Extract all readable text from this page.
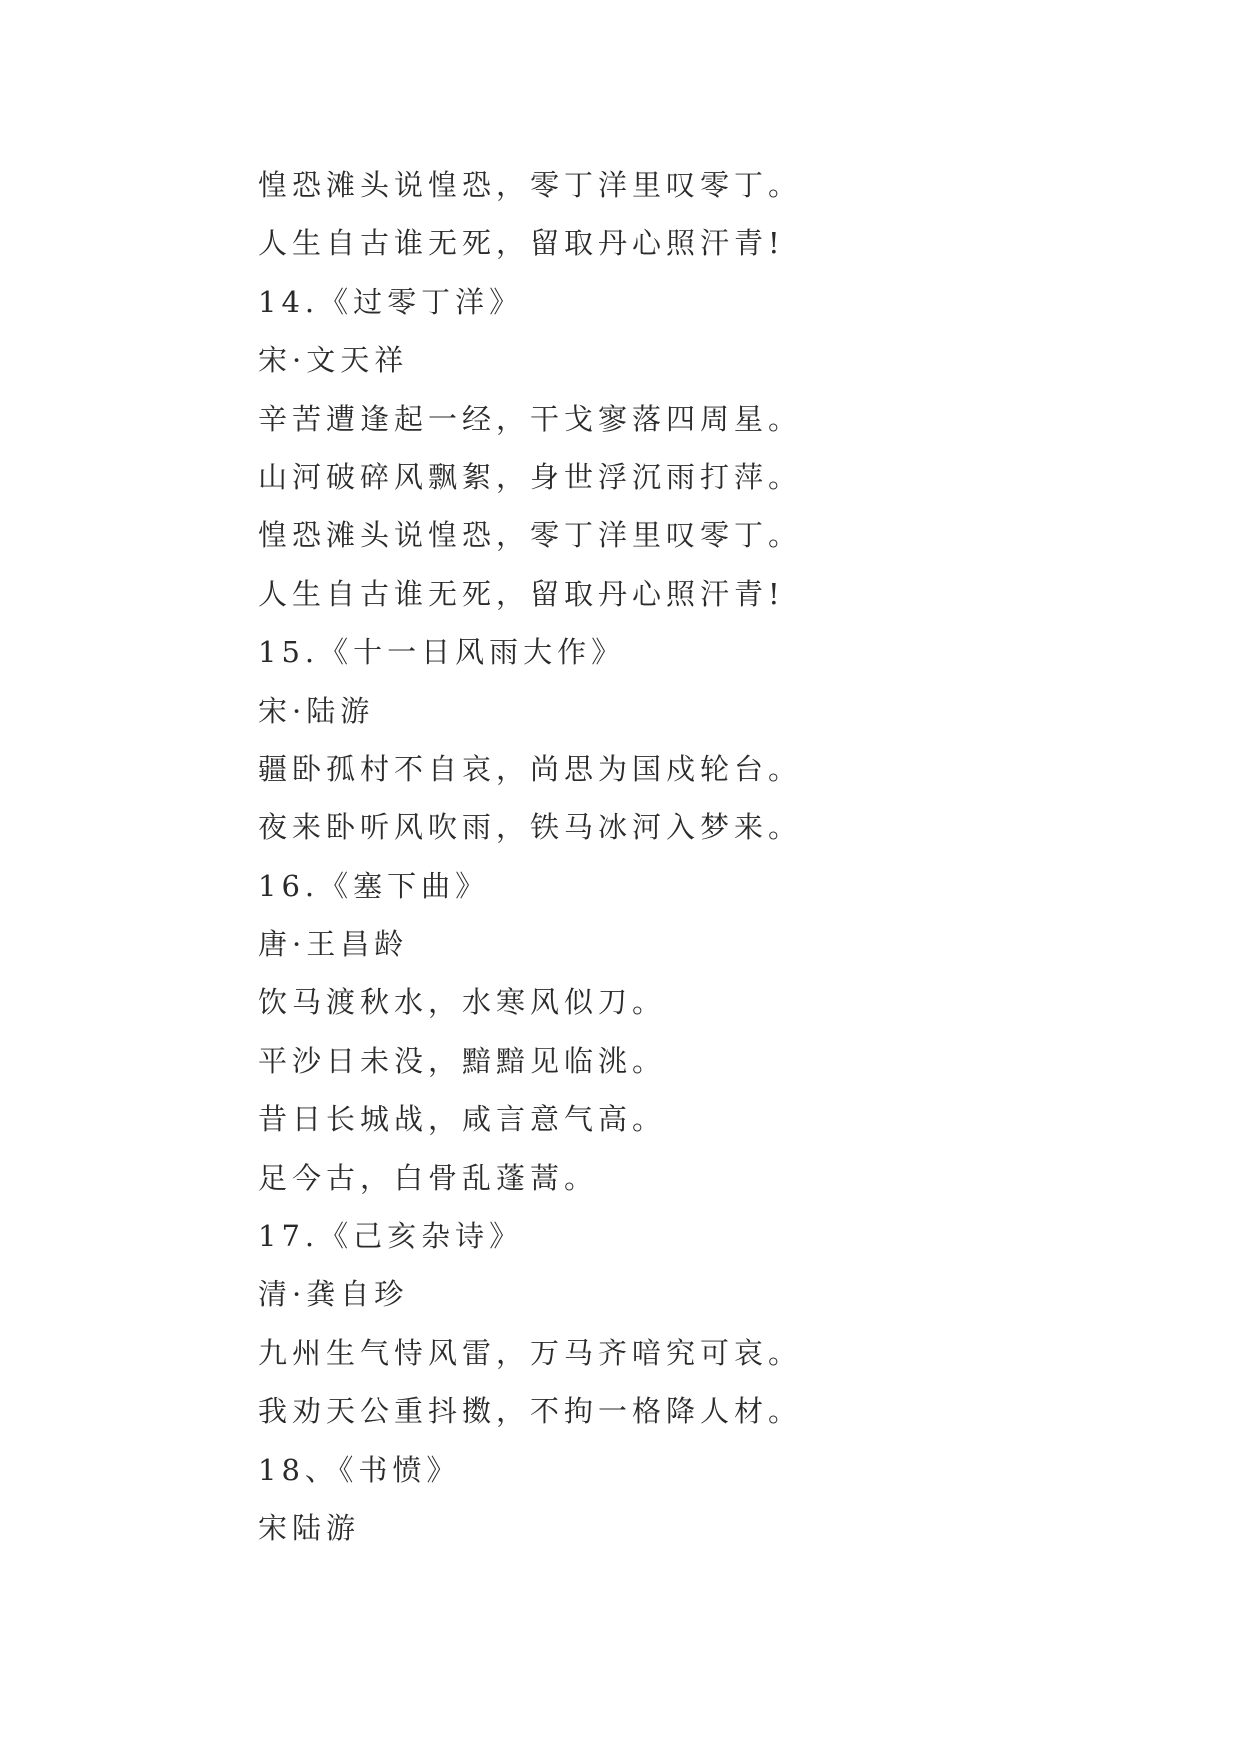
惶恐滩头说惶恐，零丁洋里叹零丁。
人生自古谁无死，留取丹心照汗青!
14.《过零丁洋》
宋·文天祥
辛苦遭逢起一经，干戈寥落四周星。
山河破碎风飘絮，身世浮沉雨打萍。
惶恐滩头说惶恐，零丁洋里叹零丁。
人生自古谁无死，留取丹心照汗青!
15.《十一日风雨大作》
宋·陆游
疆卧孤村不自哀，尚思为国戍轮台。
夜来卧听风吹雨，铁马冰河入梦来。
16.《塞下曲》
唐·王昌龄
饮马渡秋水，水寒风似刀。
平沙日未没，黯黯见临洮。
昔日长城战，咸言意气高。
足今古，白骨乱蓬蒿。
17.《己亥杂诗》
清·龚自珍
九州生气恃风雷，万马齐喑究可哀。
我劝天公重抖擞，不拘一格降人材。
18、《书愤》
宋陆游
